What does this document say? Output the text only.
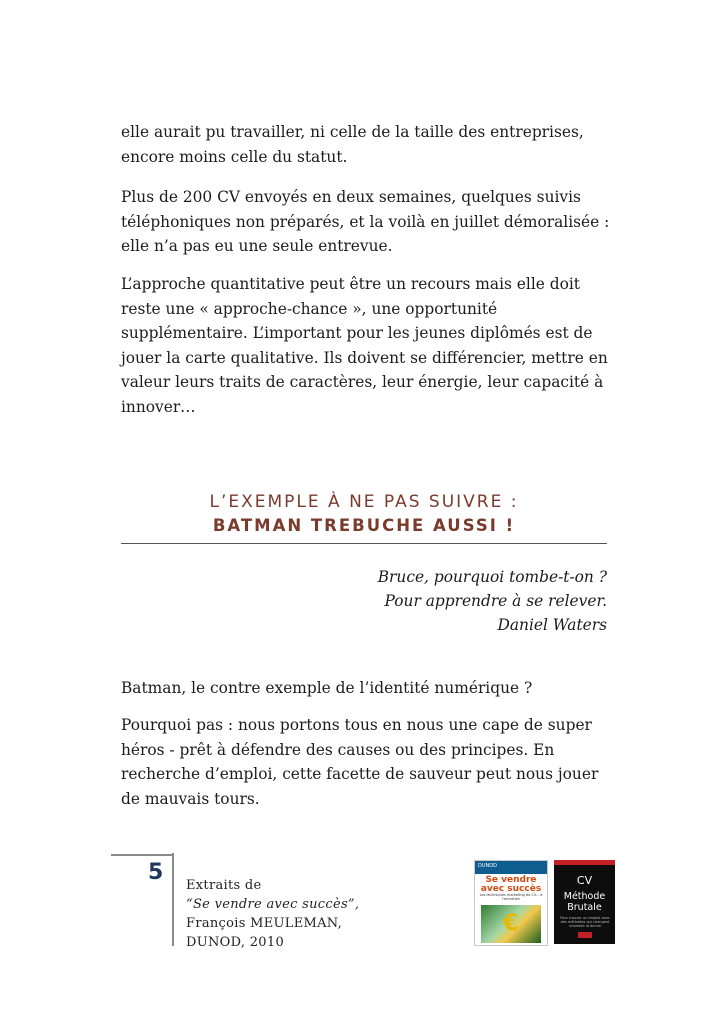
elle aurait pu travailler, ni celle de la taille des entreprises, encore moins celle du statut.

Plus de 200 CV envoyés en deux semaines, quelques suivis téléphoniques non préparés, et la voilà en juillet démoralisée : elle n’a pas eu une seule entrevue.

L’approche quantitative peut être un recours mais elle doit reste une « approche-chance », une opportunité supplémentaire. L’important pour les jeunes diplômés est de jouer la carte qualitative. Ils doivent se différencier, mettre en valeur leurs traits de caractères, leur énergie, leur capacité à innover…

L’EXEMPLE À NE PAS SUIVRE :

BATMAN TREBUCHE AUSSI !

Bruce, pourquoi tombe-t-on ?

Pour apprendre à se relever.

Daniel Waters

Batman, le contre exemple de l’identité numérique ?

Pourquoi pas : nous portons tous en nous une cape de super héros - prêt à défendre des causes ou des principes. En recherche d’emploi, cette facette de sauveur peut nous jouer de mauvais tours.

5

Extraits de

“Se vendre avec succès”,

François MEULEMAN,

DUNOD, 2010

DUNOD
Se vendre
avec succès
Les techniques marketing du CV... à l'entretien
€
CV
Méthode
Brutale
Pour trouver un emploi avec des méthodes qui changent vraiment la donne
